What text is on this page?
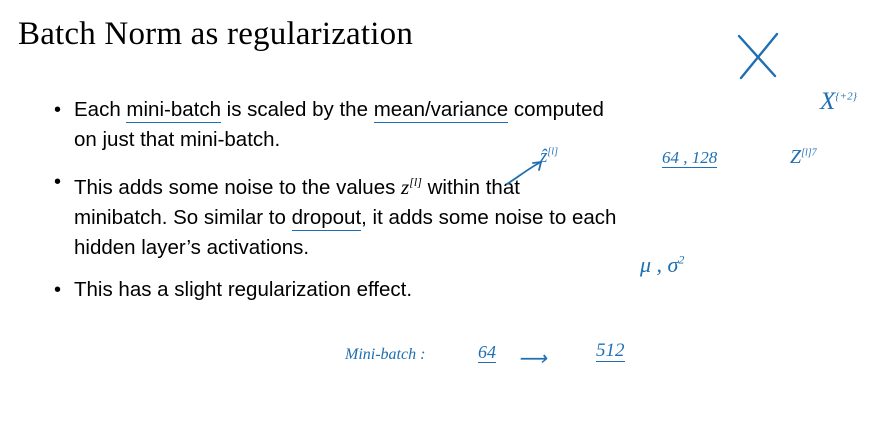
Batch Norm as regularization
• Each mini-batch is scaled by the mean/variance computed
on just that mini-batch.
• This adds some noise to the values z[l] within that
minibatch. So similar to dropout, it adds some noise to each
hidden layer’s activations.
• This has a slight regularization effect.
$X^{\{+2\}}$
ẑ[l]	64 , 128	$Z^{[l]7}$
μ , $\sigma^2$
Mini-batch :	64 ⟶	512
